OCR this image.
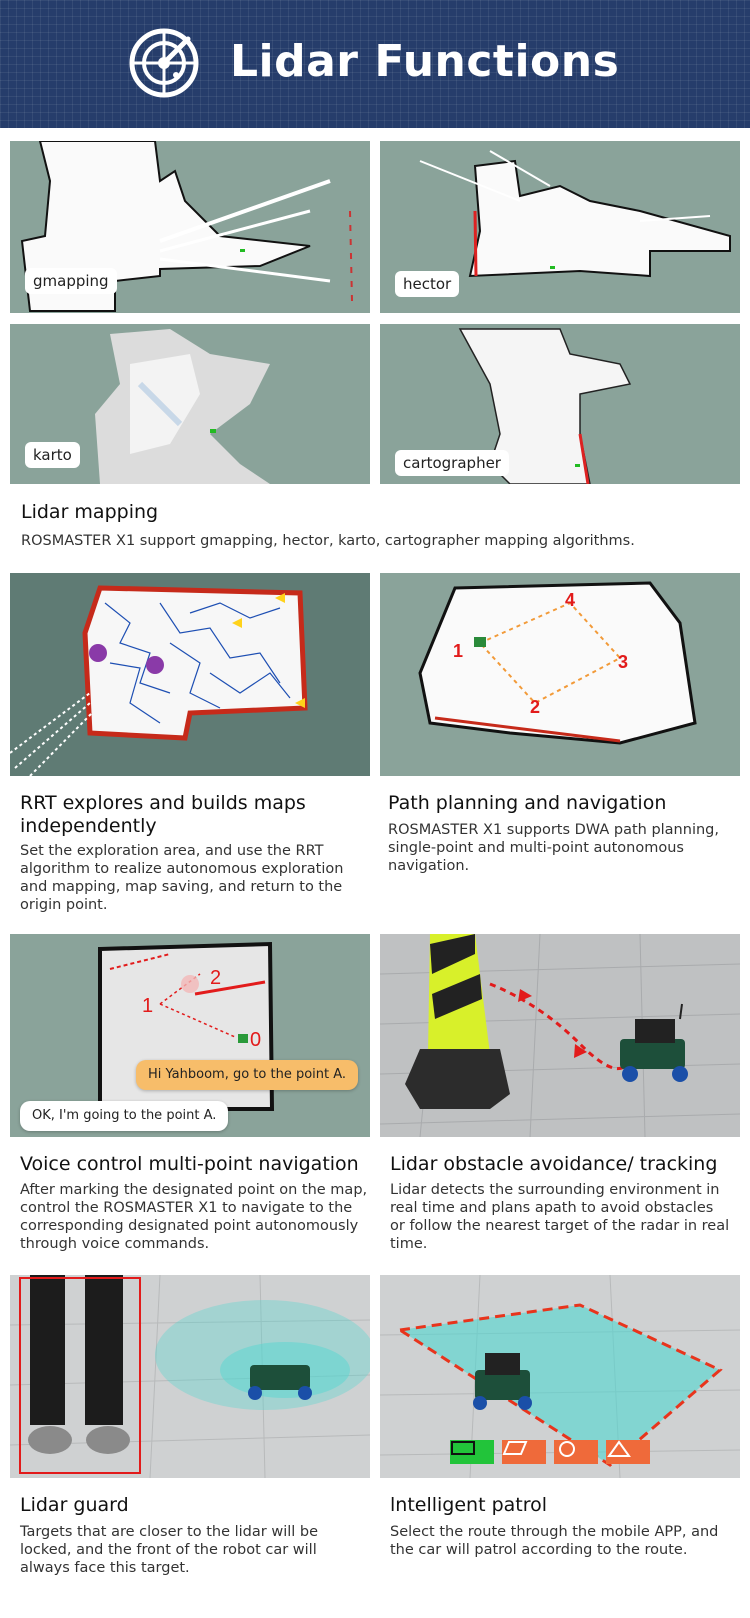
Lidar Functions
gmapping	hector
karto	cartographer
Lidar mapping
ROSMASTER X1 support gmapping, hector, karto, cartographer mapping algorithms.
1
2
3
4
RRT explores and builds maps
independently
Set the exploration area, and use the RRT
algorithm to realize autonomous exploration
and mapping, map saving, and return to the
origin point.
Path planning and navigation
ROSMASTER X1 supports DWA path planning,
single-point and multi-point autonomous
navigation.
1
2
0
Hi Yahboom, go to the point A.
OK, I'm going to the point A.
Voice control multi-point navigation
After marking the designated point on the map,
control the ROSMASTER X1 to navigate to the
corresponding designated point autonomously
through voice commands.
Lidar obstacle avoidance/ tracking
Lidar detects the surrounding environment in
real time and plans apath to avoid obstacles
or follow the nearest target of the radar in real
time.
Lidar guard
Targets that are closer to the lidar will be
locked, and the front of the robot car will
always face this target.
lntelligent patrol
Select the route through the mobile APP, and
the car will patrol according to the route.
